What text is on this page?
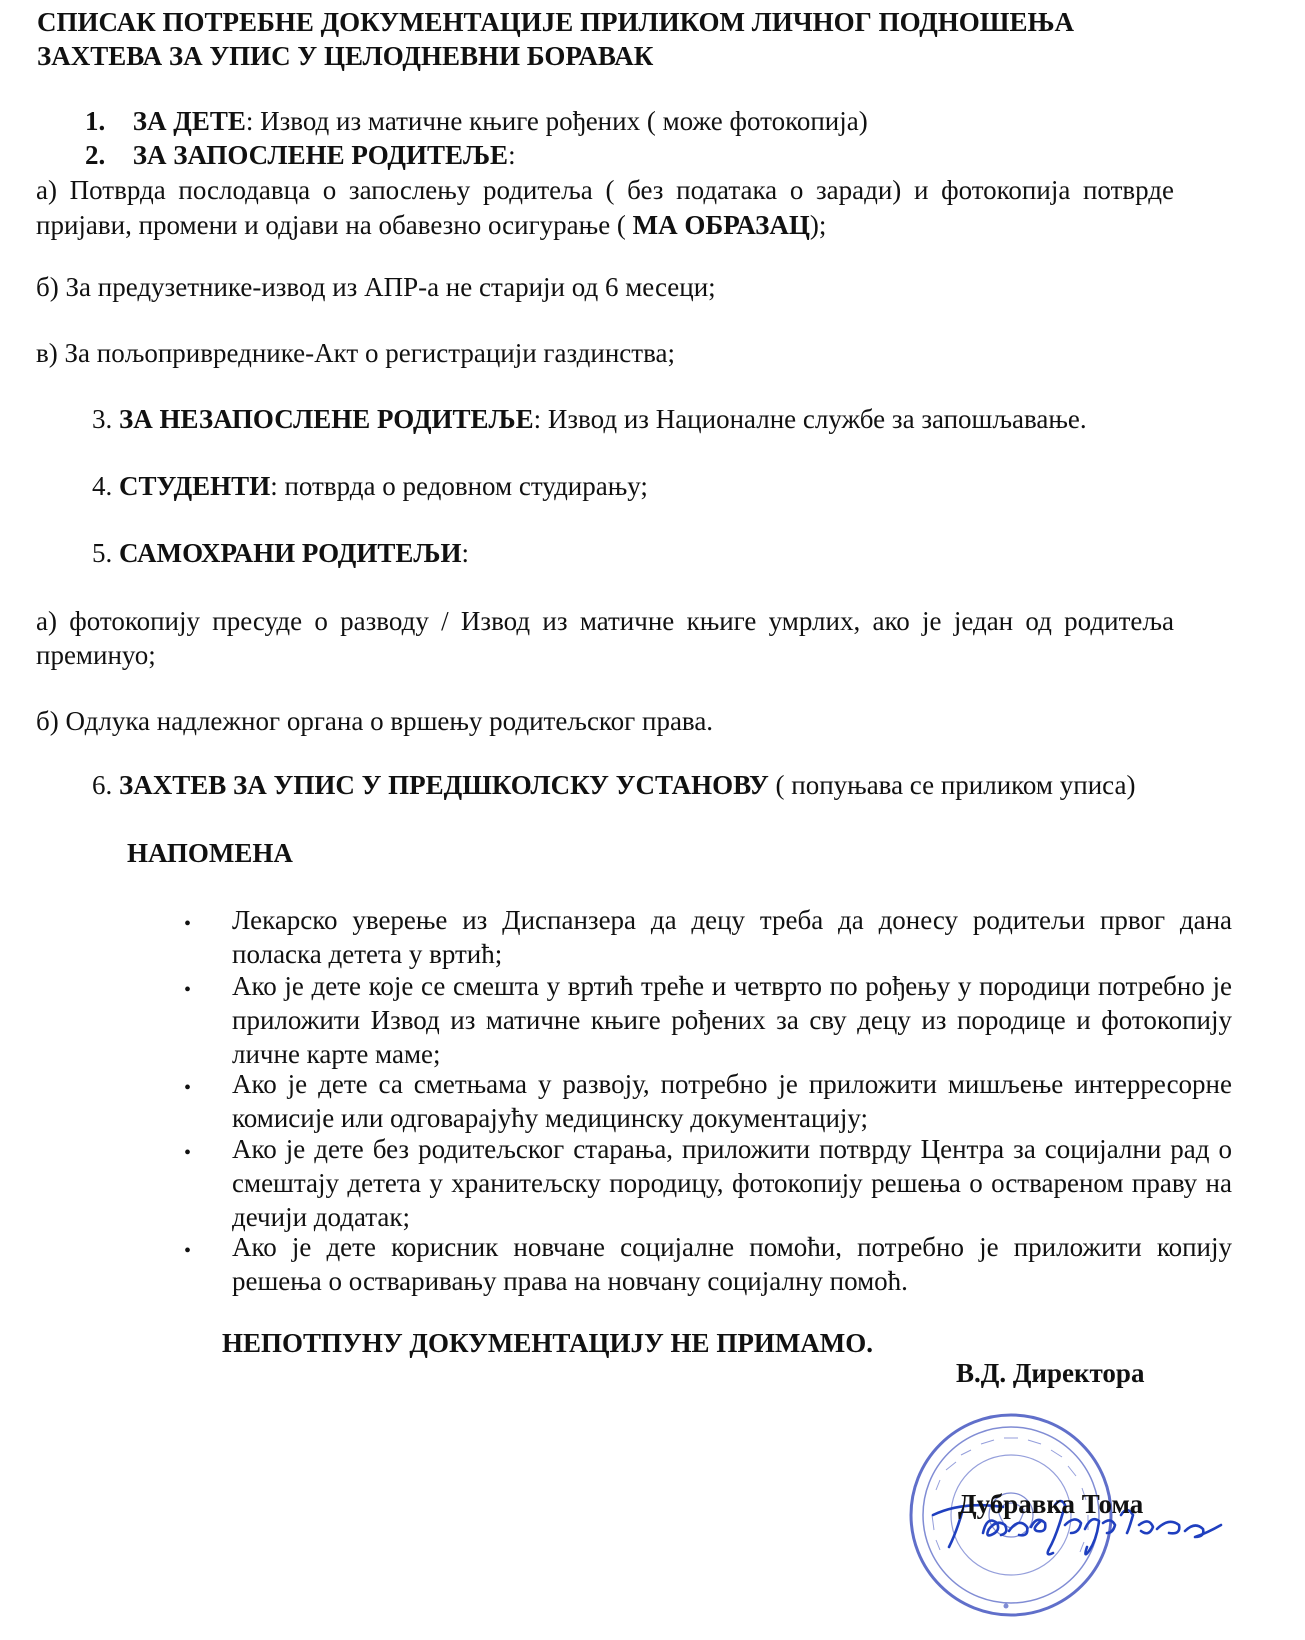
СПИСАК ПОТРЕБНЕ ДОКУМЕНТАЦИЈЕ ПРИЛИКОМ ЛИЧНОГ ПОДНОШЕЊА
ЗАХТЕВА ЗА УПИС У ЦЕЛОДНЕВНИ БОРАВАК
1. ЗА ДЕТЕ: Извод из матичне књиге рођених ( може фотокопија)
2. ЗА ЗАПОСЛЕНЕ РОДИТЕЉЕ:
а) Потврда послодавца о запослењу родитеља ( без података о заради) и фотокопија потврде
пријави, промени и одјави на обавезно осигурање ( МА ОБРАЗАЦ);
б) За предузетнике-извод из АПР-а не старији од 6 месеци;
в) За пољопривреднике-Акт о регистрацији газдинства;
3. ЗА НЕЗАПОСЛЕНЕ РОДИТЕЉЕ: Извод из Националне службе за запошљавање.
4. СТУДЕНТИ: потврда о редовном студирању;
5. САМОХРАНИ РОДИТЕЉИ:
а) фотокопију пресуде о разводу / Извод из матичне књиге умрлих, ако је један од родитеља
преминуо;
б) Одлука надлежног органа о вршењу родитељског права.
6. ЗАХТЕВ ЗА УПИС У ПРЕДШКОЛСКУ УСТАНОВУ ( попуњава се приликом уписа)
НАПОМЕНА
• Лекарско уверење из Диспанзера да децу треба да донесу родитељи првог дана поласка детета у вртић;
• Ако је дете које се смешта у вртић треће и четврто по рођењу у породици потребно је приложити Извод из матичне књиге рођених за сву децу из породице и фотокопију личне карте маме;
• Ако је дете са сметњама у развоју, потребно је приложити мишљење интерресорне комисије или одговарајућу медицинску документацију;
• Ако је дете без родитељског старања, приложити потврду Центра за социјални рад о смештају детета у хранитељску породицу, фотокопију решења о оствареном праву на дечији додатак;
• Ако је дете корисник новчане социјалне помоћи, потребно је приложити копију решења о остваривању права на новчану социјалну помоћ.
НЕПОТПУНУ ДОКУМЕНТАЦИЈУ НЕ ПРИМАМО.
В.Д. Директора
Дубравка Тома
